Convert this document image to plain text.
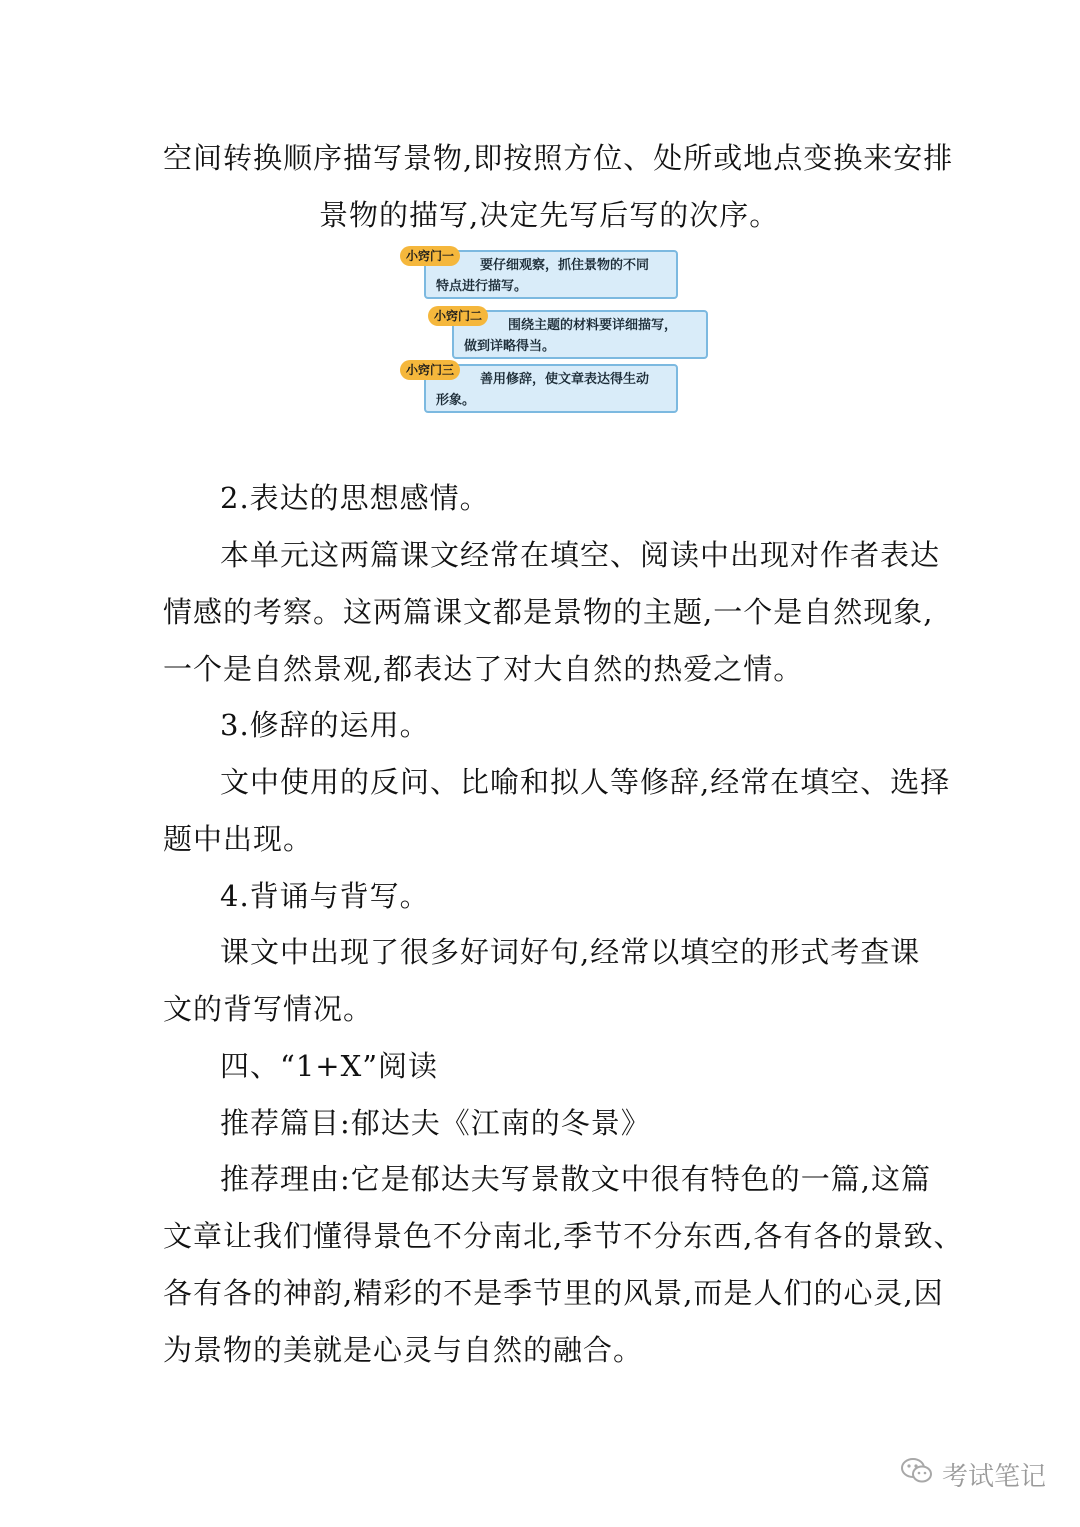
空间转换顺序描写景物,即按照方位、处所或地点变换来安排
景物的描写,决定先写后写的次序。
小窍门一
要仔细观察，抓住景物的不同
特点进行描写。
小窍门二
围绕主题的材料要详细描写，
做到详略得当。
小窍门三
善用修辞，使文章表达得生动
形象。
2.表达的思想感情。
本单元这两篇课文经常在填空、阅读中出现对作者表达
情感的考察。这两篇课文都是景物的主题,一个是自然现象,
一个是自然景观,都表达了对大自然的热爱之情。
3.修辞的运用。
文中使用的反问、比喻和拟人等修辞,经常在填空、选择
题中出现。
4.背诵与背写。
课文中出现了很多好词好句,经常以填空的形式考查课
文的背写情况。
四、“1+X”阅读
推荐篇目:郁达夫《江南的冬景》
推荐理由:它是郁达夫写景散文中很有特色的一篇,这篇
文章让我们懂得景色不分南北,季节不分东西,各有各的景致、
各有各的神韵,精彩的不是季节里的风景,而是人们的心灵,因
为景物的美就是心灵与自然的融合。
考试笔记
